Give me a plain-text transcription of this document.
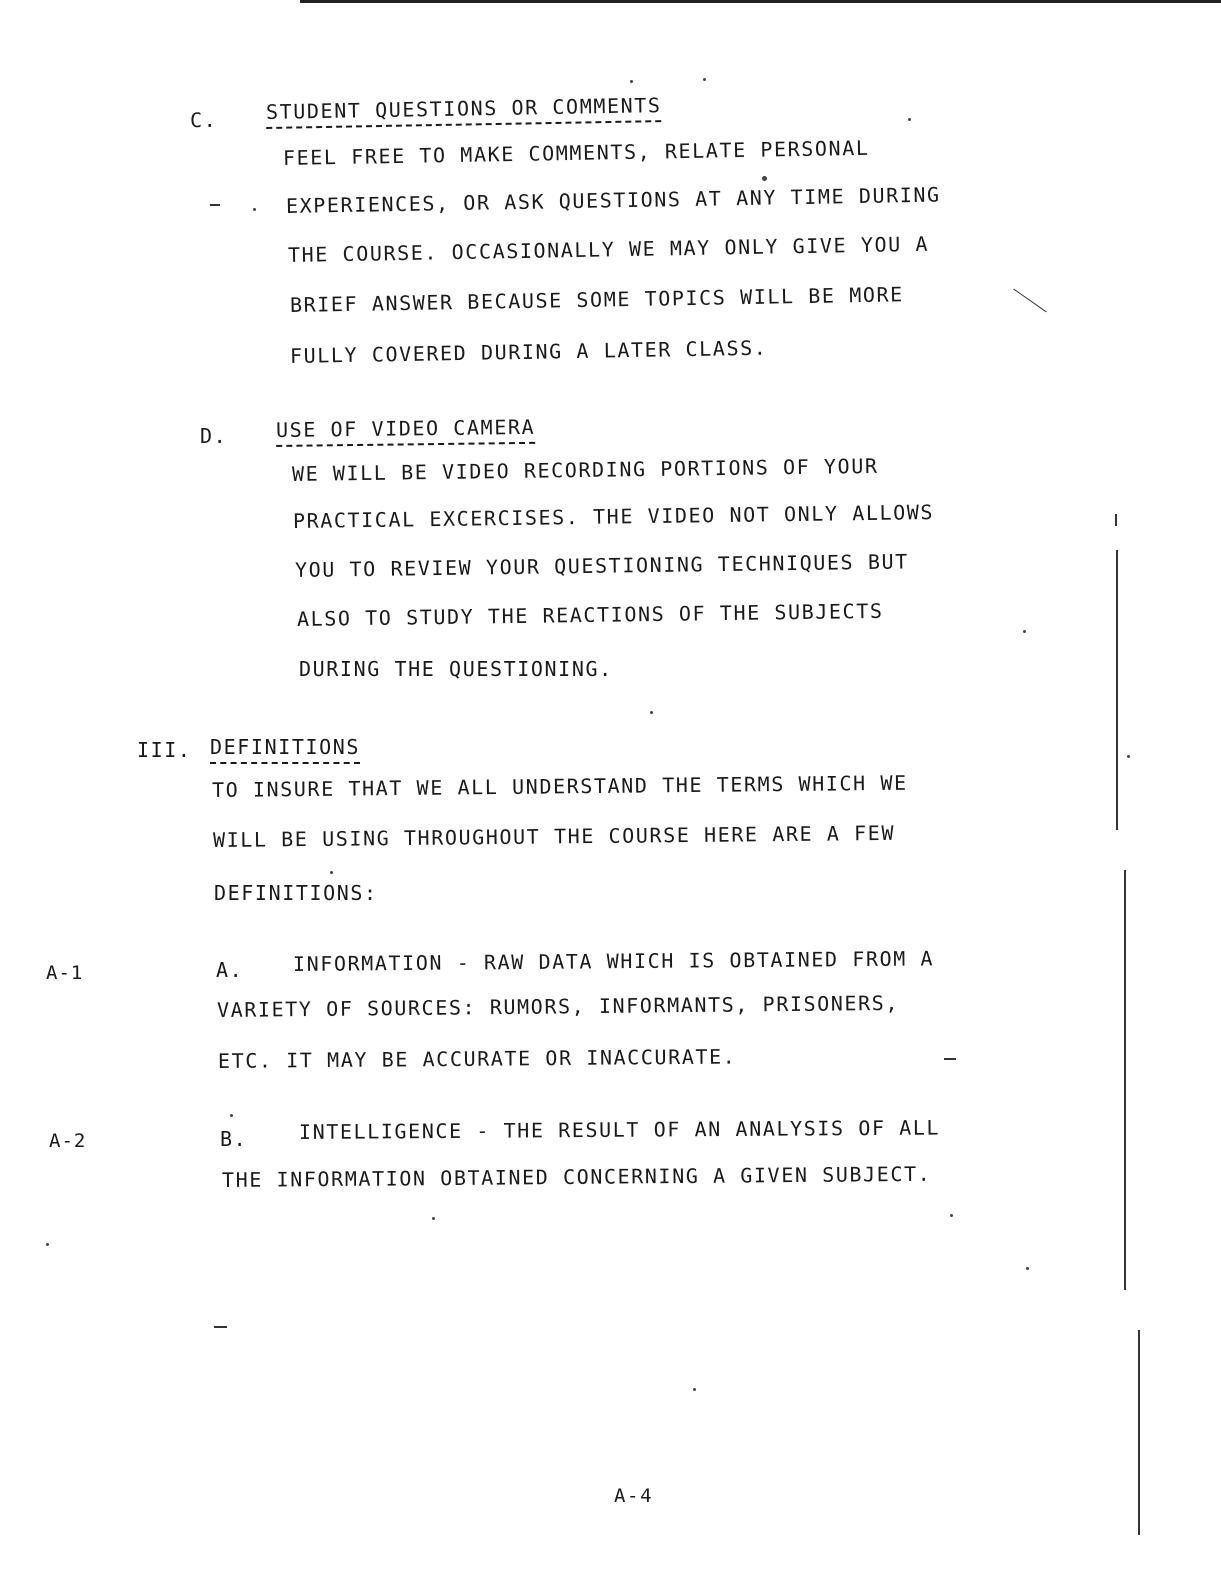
C. STUDENT QUESTIONS OR COMMENTS
FEEL FREE TO MAKE COMMENTS, RELATE PERSONAL
EXPERIENCES, OR ASK QUESTIONS AT ANY TIME DURING
THE COURSE. OCCASIONALLY WE MAY ONLY GIVE YOU A
BRIEF ANSWER BECAUSE SOME TOPICS WILL BE MORE
FULLY COVERED DURING A LATER CLASS.
D. USE OF VIDEO CAMERA
WE WILL BE VIDEO RECORDING PORTIONS OF YOUR
PRACTICAL EXCERCISES. THE VIDEO NOT ONLY ALLOWS
YOU TO REVIEW YOUR QUESTIONING TECHNIQUES BUT
ALSO TO STUDY THE REACTIONS OF THE SUBJECTS
DURING THE QUESTIONING.
III. DEFINITIONS
TO INSURE THAT WE ALL UNDERSTAND THE TERMS WHICH WE
WILL BE USING THROUGHOUT THE COURSE HERE ARE A FEW
DEFINITIONS:
A-1	A. INFORMATION - RAW DATA WHICH IS OBTAINED FROM A
VARIETY OF SOURCES: RUMORS, INFORMANTS, PRISONERS,
ETC. IT MAY BE ACCURATE OR INACCURATE.
A-2	B.	INTELLIGENCE - THE RESULT OF AN ANALYSIS OF ALL
THE INFORMATION OBTAINED CONCERNING A GIVEN SUBJECT.
A-4
